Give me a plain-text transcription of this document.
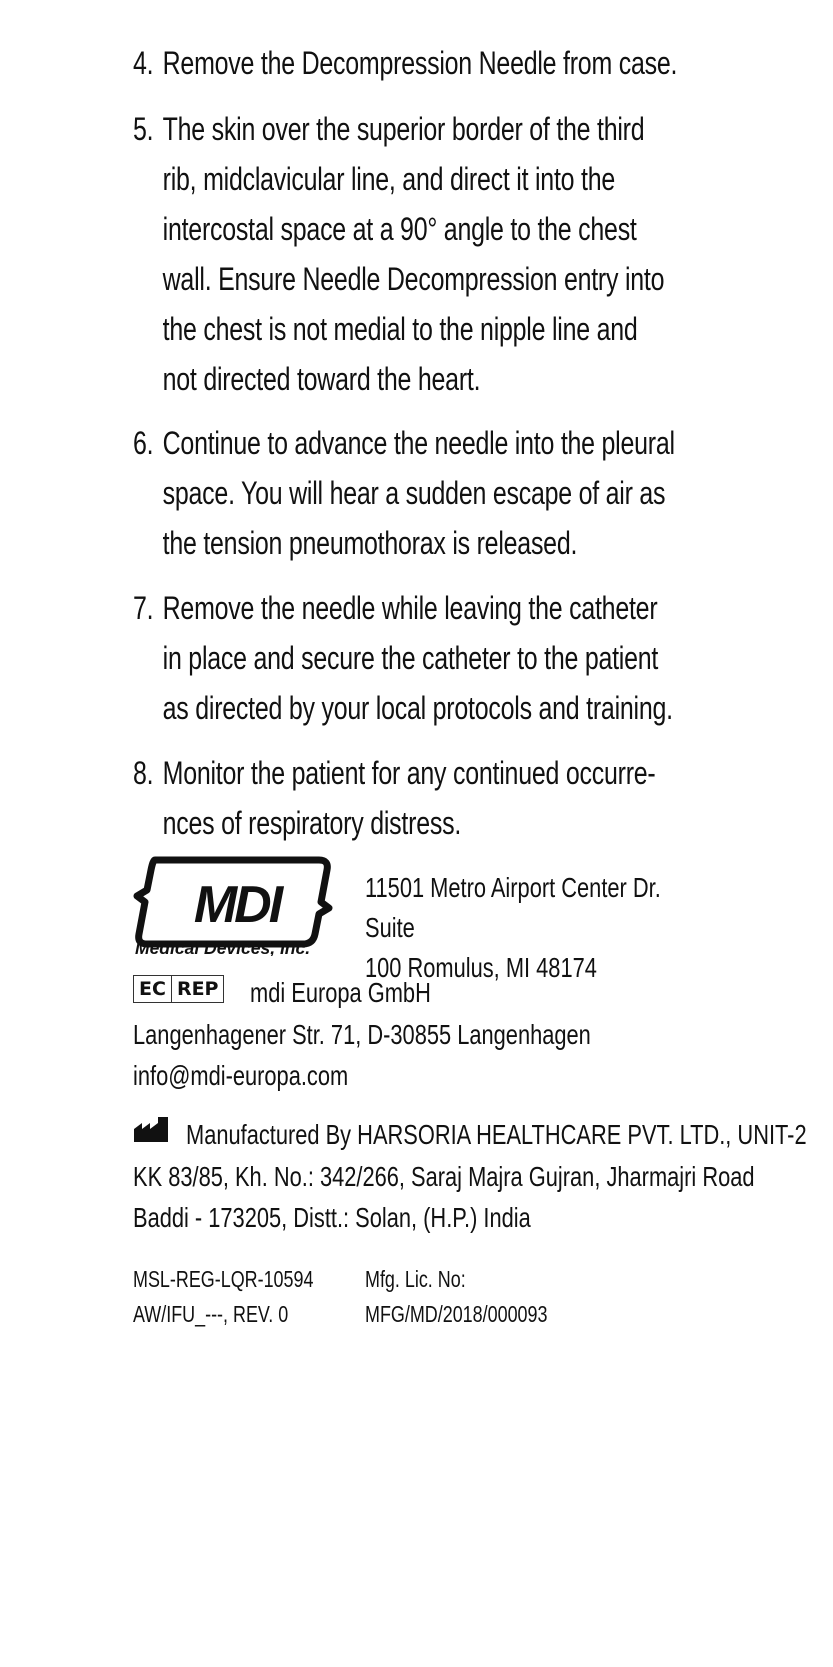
4. Remove the Decompression Needle from case.
5. The skin over the superior border of the third
rib, midclavicular line, and direct it into the
intercostal space at a 90° angle to the chest
wall. Ensure Needle Decompression entry into
the chest is not medial to the nipple line and
not directed toward the heart.
6. Continue to advance the needle into the pleural
space. You will hear a sudden escape of air as
the tension pneumothorax is released.
7. Remove the needle while leaving the catheter
in place and secure the catheter to the patient
as directed by your local protocols and training.
8. Monitor the patient for any continued occurre-
nces of respiratory distress.
MDI
Medical Devices, Inc.
11501 Metro Airport Center Dr. Suite
100 Romulus, MI 48174
EC REP mdi Europa GmbH
Langenhagener Str. 71, D-30855 Langenhagen
info@mdi-europa.com
Manufactured By HARSORIA HEALTHCARE PVT. LTD., UNIT-2
KK 83/85, Kh. No.: 342/266, Saraj Majra Gujran, Jharmajri Road
Baddi - 173205, Distt.: Solan, (H.P.) India
MSL-REG-LQR-10594
AW/IFU_---, REV. 0
Mfg. Lic. No:
MFG/MD/2018/000093
